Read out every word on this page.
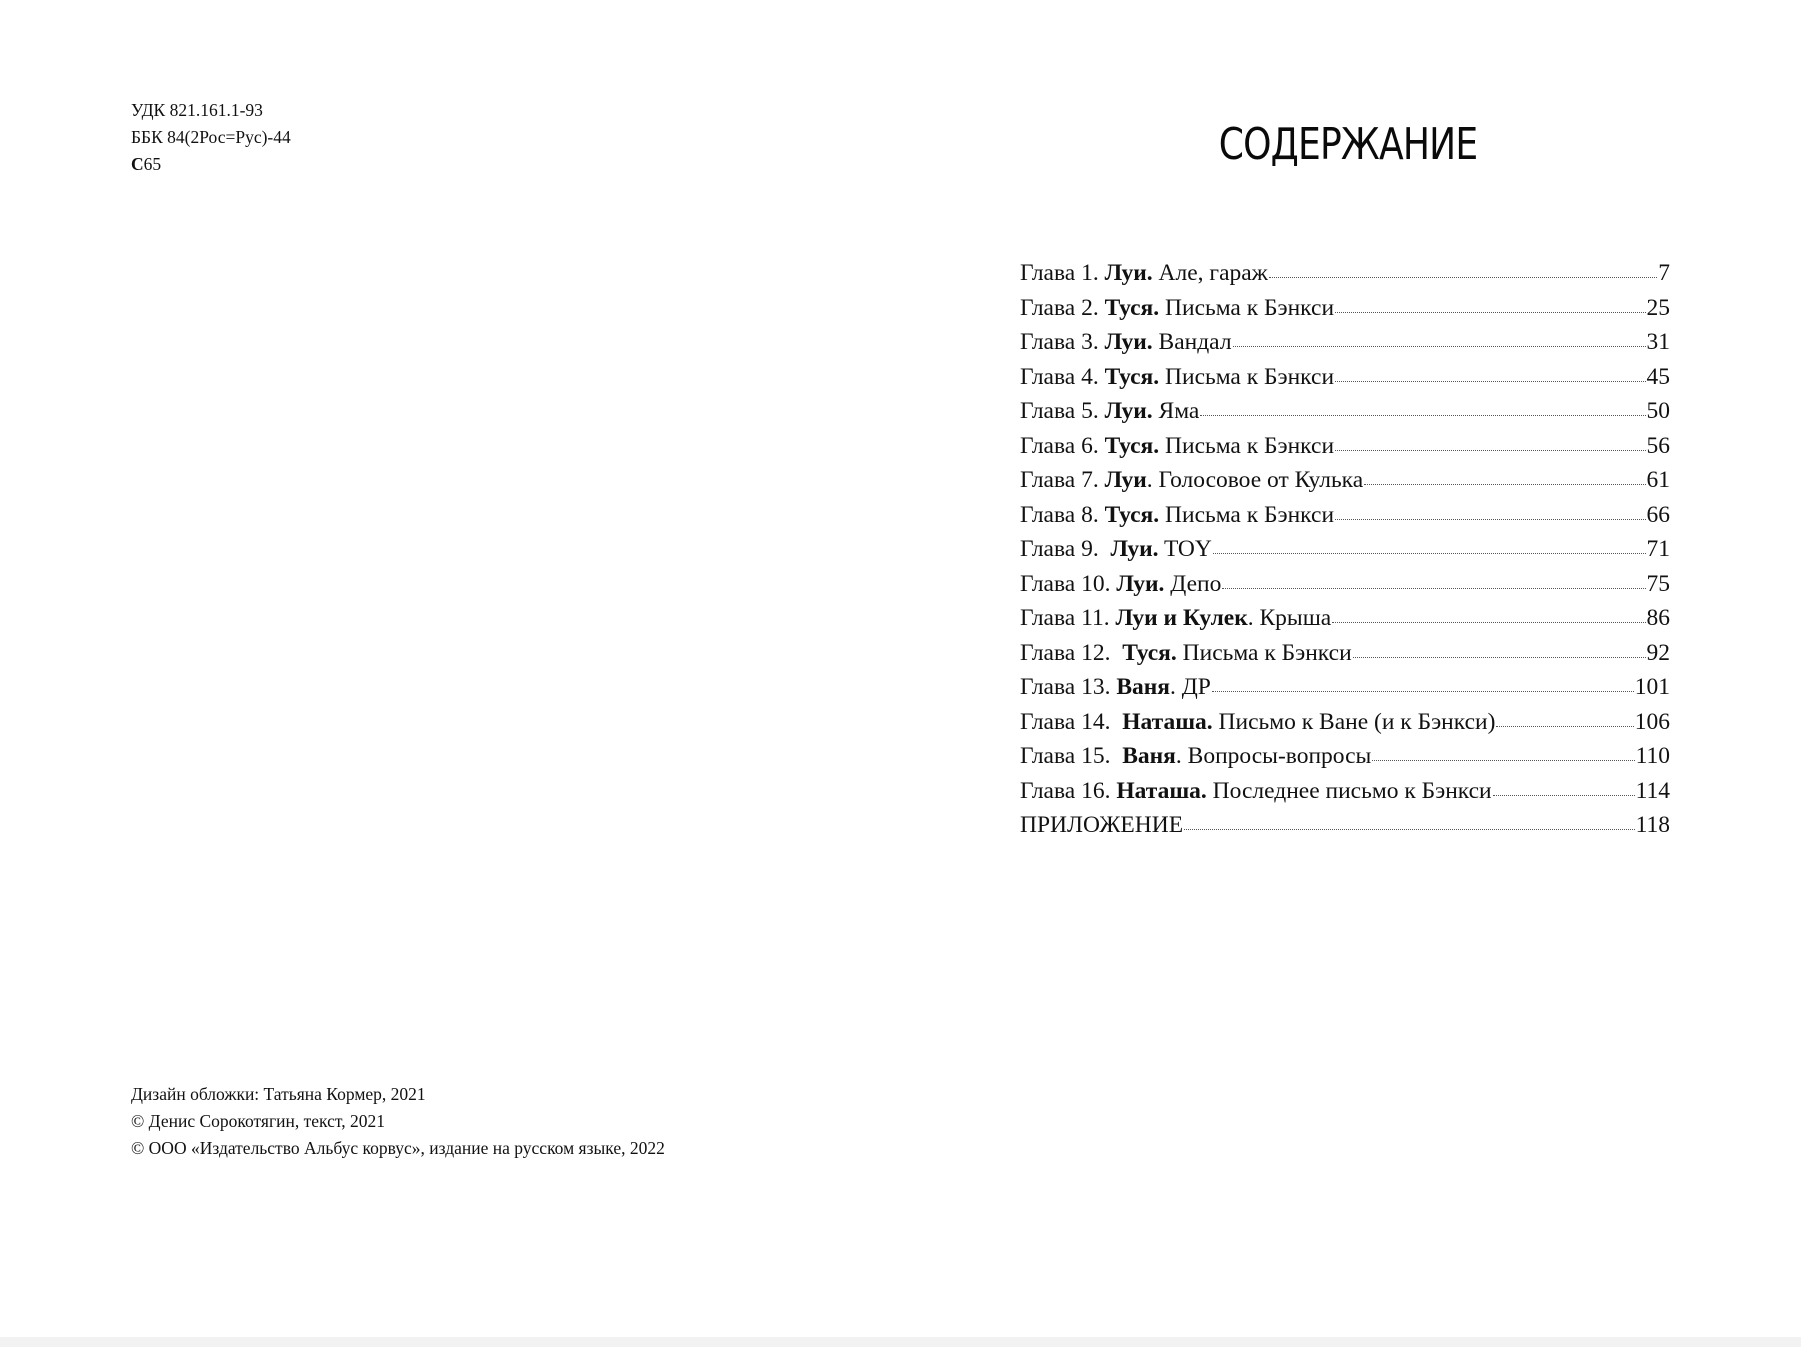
УДК 821.161.1-93
ББК 84(2Рос=Рус)-44
С65
Дизайн обложки: Татьяна Кормер, 2021
© Денис Сорокотягин, текст, 2021
© ООО «Издательство Альбус корвус», издание на русском языке, 2022
СОДЕРЖАНИЕ
Глава 1. Луи. Але, гараж	7
Глава 2. Туся. Письма к Бэнкси	25
Глава 3. Луи. Вандал	31
Глава 4. Туся. Письма к Бэнкси	45
Глава 5. Луи. Яма	50
Глава 6. Туся. Письма к Бэнкси	56
Глава 7. Луи . Голосовое от Кулька	61
Глава 8. Туся. Письма к Бэнкси	66
Глава 9. Луи. TOY	71
Глава 10. Луи. Депо	75
Глава 11. Луи и Кулек . Крыша	86
Глава 12. Туся. Письма к Бэнкси	92
Глава 13. Ваня . ДР	101
Глава 14. Наташа. Письмо к Ване (и к Бэнкси)	106
Глава 15. Ваня . Вопросы-вопросы	110
Глава 16. Наташа. Последнее письмо к Бэнкси	114
ПРИЛОЖЕНИЕ	118
